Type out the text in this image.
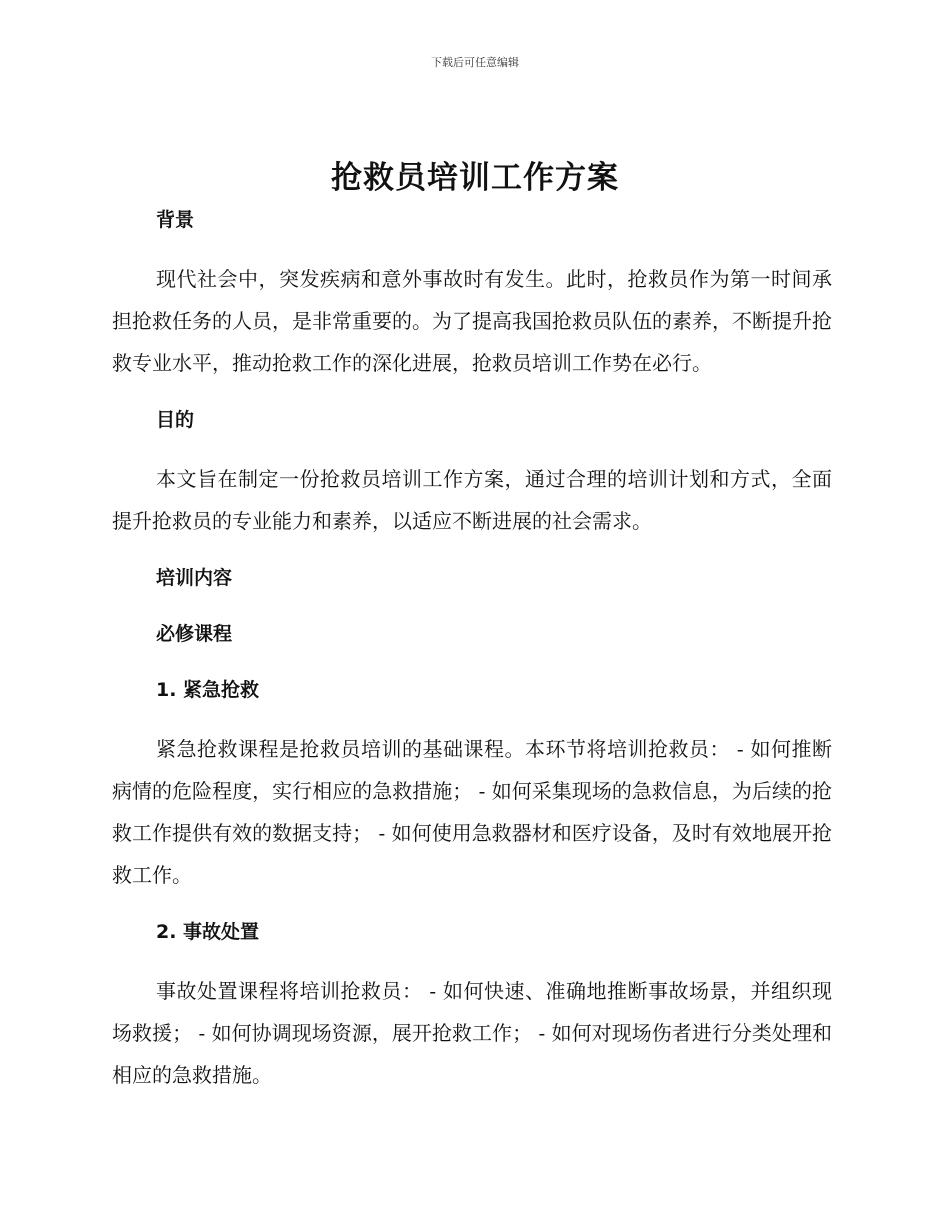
下载后可任意编辑
抢救员培训工作方案
背景

现代社会中，突发疾病和意外事故时有发生。此时，抢救员作为第一时间承担抢救任务的人员，是非常重要的。为了提高我国抢救员队伍的素养，不断提升抢救专业水平，推动抢救工作的深化进展，抢救员培训工作势在必行。

目的

本文旨在制定一份抢救员培训工作方案，通过合理的培训计划和方式，全面提升抢救员的专业能力和素养，以适应不断进展的社会需求。

培训内容
必修课程
1. 紧急抢救

紧急抢救课程是抢救员培训的基础课程。本环节将培训抢救员： - 如何推断病情的危险程度，实行相应的急救措施； - 如何采集现场的急救信息，为后续的抢救工作提供有效的数据支持； - 如何使用急救器材和医疗设备，及时有效地展开抢救工作。

2. 事故处置

事故处置课程将培训抢救员： - 如何快速、准确地推断事故场景，并组织现场救援； - 如何协调现场资源，展开抢救工作； - 如何对现场伤者进行分类处理和相应的急救措施。
